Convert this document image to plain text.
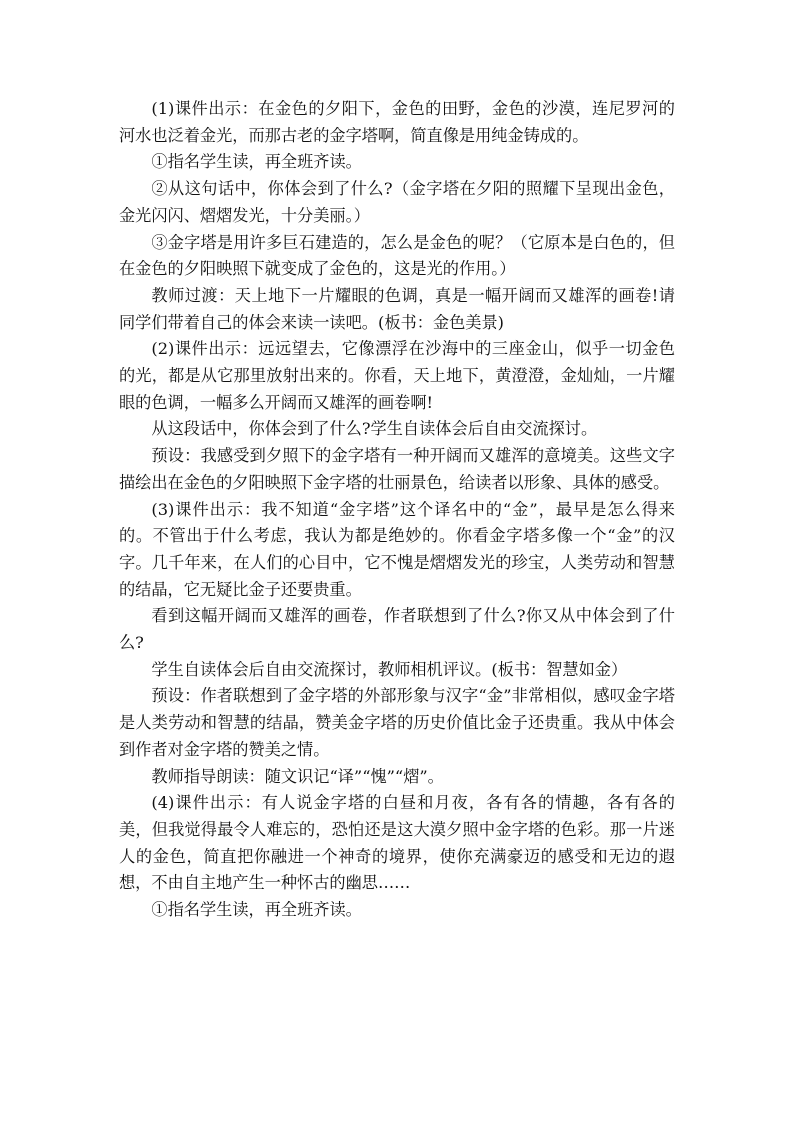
(1)课件出示：在金色的夕阳下，金色的田野，金色的沙漠，连尼罗河的河水也泛着金光，而那古老的金字塔啊，简直像是用纯金铸成的。

①指名学生读，再全班齐读。

②从这句话中，你体会到了什么?（金字塔在夕阳的照耀下呈现出金色，金光闪闪、熠熠发光，十分美丽。）

③金字塔是用许多巨石建造的，怎么是金色的呢？（它原本是白色的，但在金色的夕阳映照下就变成了金色的，这是光的作用。）

教师过渡：天上地下一片耀眼的色调，真是一幅开阔而又雄浑的画卷!请同学们带着自己的体会来读一读吧。(板书：金色美景)

(2)课件出示：远远望去，它像漂浮在沙海中的三座金山，似乎一切金色的光，都是从它那里放射出来的。你看，天上地下，黄澄澄，金灿灿，一片耀眼的色调，一幅多么开阔而又雄浑的画卷啊!

从这段话中，你体会到了什么?学生自读体会后自由交流探讨。

预设：我感受到夕照下的金字塔有一种开阔而又雄浑的意境美。这些文字描绘出在金色的夕阳映照下金字塔的壮丽景色，给读者以形象、具体的感受。

(3)课件出示：我不知道“金字塔”这个译名中的“金”，最早是怎么得来的。不管出于什么考虑，我认为都是绝妙的。你看金字塔多像一个“金”的汉字。几千年来，在人们的心目中，它不愧是熠熠发光的珍宝，人类劳动和智慧的结晶，它无疑比金子还要贵重。

看到这幅开阔而又雄浑的画卷，作者联想到了什么?你又从中体会到了什么?

学生自读体会后自由交流探讨，教师相机评议。(板书：智慧如金）

预设：作者联想到了金字塔的外部形象与汉字“金”非常相似，感叹金字塔是人类劳动和智慧的结晶，赞美金字塔的历史价值比金子还贵重。我从中体会到作者对金字塔的赞美之情。

教师指导朗读：随文识记“译”“愧”“熠”。

(4)课件出示：有人说金字塔的白昼和月夜，各有各的情趣，各有各的美，但我觉得最令人难忘的，恐怕还是这大漠夕照中金字塔的色彩。那一片迷人的金色，简直把你融进一个神奇的境界，使你充满豪迈的感受和无边的遐想，不由自主地产生一种怀古的幽思……

①指名学生读，再全班齐读。
